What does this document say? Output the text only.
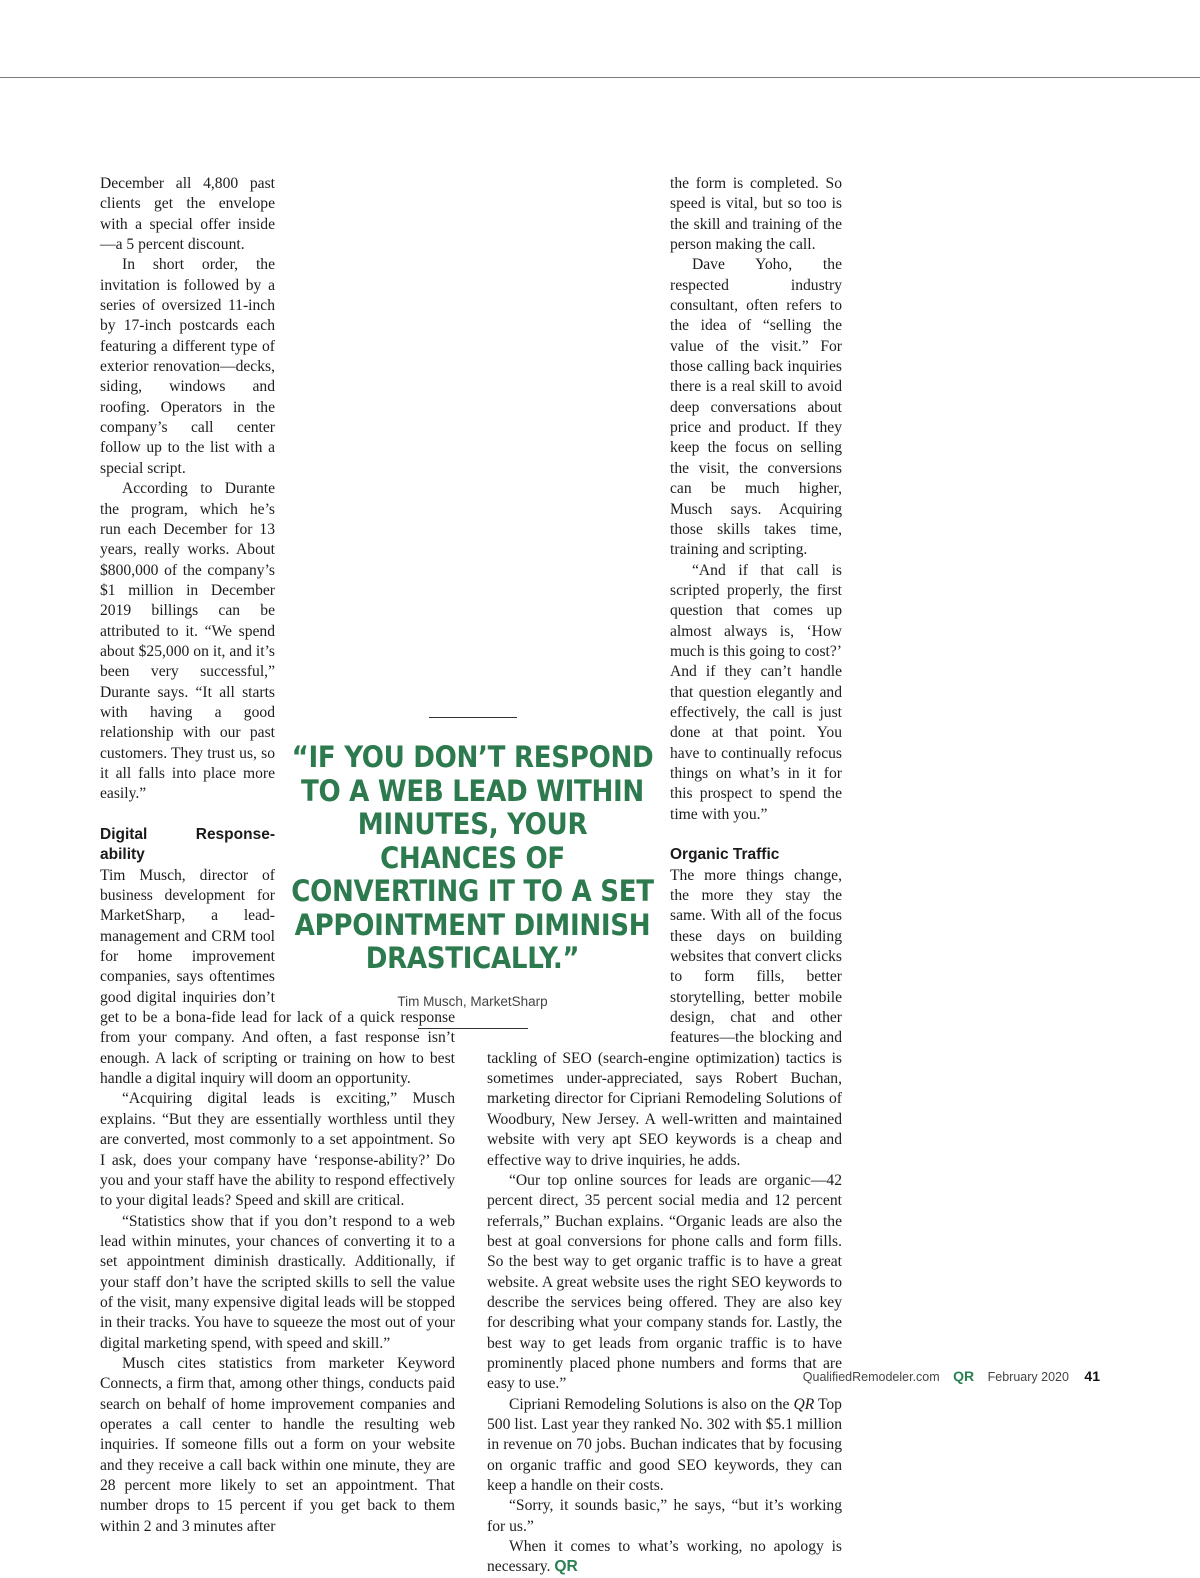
December all 4,800 past clients get the envelope with a special offer inside—a 5 percent discount.

In short order, the invitation is followed by a series of oversized 11-inch by 17-inch postcards each featuring a different type of exterior renovation—decks, siding, windows and roofing. Operators in the company’s call center follow up to the list with a special script.

According to Durante the program, which he’s run each December for 13 years, really works. About $800,000 of the company’s $1 million in December 2019 billings can be attributed to it. “We spend about $25,000 on it, and it’s been very successful,” Durante says. “It all starts with having a good relationship with our past customers. They trust us, so it all falls into place more easily.”

Digital Response-ability

Tim Musch, director of business development for MarketSharp, a lead-management and CRM tool for home improvement companies, says oftentimes good digital inquiries don’t get to be a bona-fide lead for lack of a quick response from your company. And often, a fast response isn’t enough. A lack of scripting or training on how to best handle a digital inquiry will doom an opportunity.

“Acquiring digital leads is exciting,” Musch explains. “But they are essentially worthless until they are converted, most commonly to a set appointment. So I ask, does your company have ‘response-ability?’ Do you and your staff have the ability to respond effectively to your digital leads? Speed and skill are critical.

“Statistics show that if you don’t respond to a web lead within minutes, your chances of converting it to a set appointment diminish drastically. Additionally, if your staff don’t have the scripted skills to sell the value of the visit, many expensive digital leads will be stopped in their tracks. You have to squeeze the most out of your digital marketing spend, with speed and skill.”

Musch cites statistics from marketer Keyword Connects, a firm that, among other things, conducts paid search on behalf of home improvement companies and operates a call center to handle the resulting web inquiries. If someone fills out a form on your website and they receive a call back within one minute, they are 28 percent more likely to set an appointment. That number drops to 15 percent if you get back to them within 2 and 3 minutes after

the form is completed. So speed is vital, but so too is the skill and training of the person making the call.

Dave Yoho, the respected industry consultant, often refers to the idea of “selling the value of the visit.” For those calling back inquiries there is a real skill to avoid deep conversations about price and product. If they keep the focus on selling the visit, the conversions can be much higher, Musch says. Acquiring those skills takes time, training and scripting.

“And if that call is scripted properly, the first question that comes up almost always is, ‘How much is this going to cost?’ And if they can’t handle that question elegantly and effectively, the call is just done at that point. You have to continually refocus things on what’s in it for this prospect to spend the time with you.”

Organic Traffic

The more things change, the more they stay the same. With all of the focus these days on building websites that convert clicks to form fills, better storytelling, better mobile design, chat and other features—the blocking and tackling of SEO (search-engine optimization) tactics is sometimes under-appreciated, says Robert Buchan, marketing director for Cipriani Remodeling Solutions of Woodbury, New Jersey. A well-written and maintained website with very apt SEO keywords is a cheap and effective way to drive inquiries, he adds.

“Our top online sources for leads are organic—42 percent direct, 35 percent social media and 12 percent referrals,” Buchan explains. “Organic leads are also the best at goal conversions for phone calls and form fills. So the best way to get organic traffic is to have a great website. A great website uses the right SEO keywords to describe the services being offered. They are also key for describing what your company stands for. Lastly, the best way to get leads from organic traffic is to have prominently placed phone numbers and forms that are easy to use.”

Cipriani Remodeling Solutions is also on the QR Top 500 list. Last year they ranked No. 302 with $5.1 million in revenue on 70 jobs. Buchan indicates that by focusing on organic traffic and good SEO keywords, they can keep a handle on their costs.

“Sorry, it sounds basic,” he says, “but it’s working for us.”

When it comes to what’s working, no apology is necessary. QR

“IF YOU DON’T RESPOND TO A WEB LEAD WITHIN MINUTES, YOUR CHANCES OF CONVERTING IT TO A SET APPOINTMENT DIMINISH DRASTICALLY.”
Tim Musch, MarketSharp
QualifiedRemodeler.com QR February 2020 41
